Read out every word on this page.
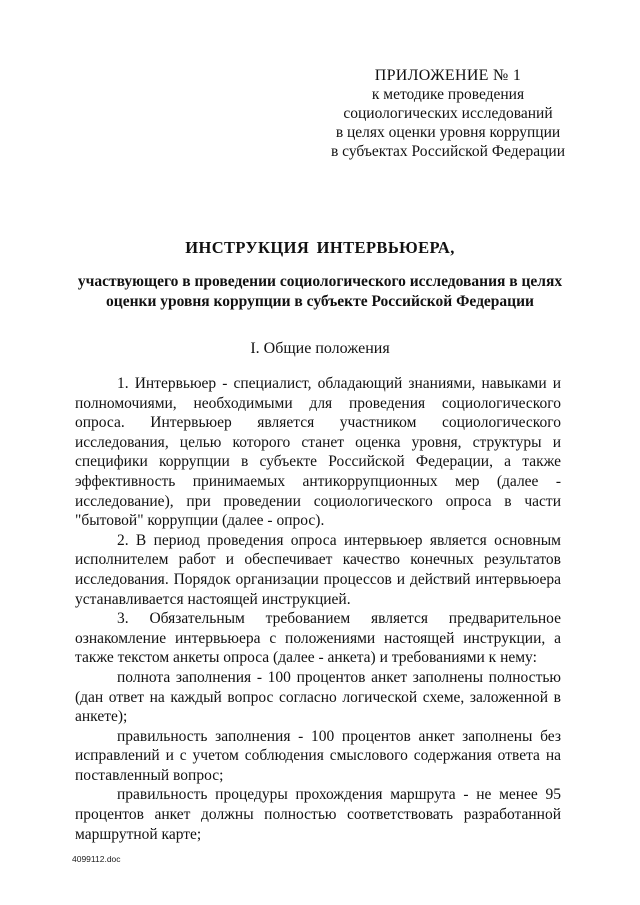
ПРИЛОЖЕНИЕ № 1
к методике проведения
социологических исследований
в целях оценки уровня коррупции
в субъектах Российской Федерации
ИНСТРУКЦИЯ ИНТЕРВЬЮЕРА,
участвующего в проведении социологического исследования в целях оценки уровня коррупции в субъекте Российской Федерации
I. Общие положения

1. Интервьюер - специалист, обладающий знаниями, навыками и полномочиями, необходимыми для проведения социологического опроса. Интервьюер является участником социологического исследования, целью которого станет оценка уровня, структуры и специфики коррупции в субъекте Российской Федерации, а также эффективность принимаемых антикоррупционных мер (далее - исследование), при проведении социологического опроса в части "бытовой" коррупции (далее - опрос).

2. В период проведения опроса интервьюер является основным исполнителем работ и обеспечивает качество конечных результатов исследования. Порядок организации процессов и действий интервьюера устанавливается настоящей инструкцией.

3. Обязательным требованием является предварительное ознакомление интервьюера с положениями настоящей инструкции, а также текстом анкеты опроса (далее - анкета) и требованиями к нему:

полнота заполнения - 100 процентов анкет заполнены полностью (дан ответ на каждый вопрос согласно логической схеме, заложенной в анкете);

правильность заполнения - 100 процентов анкет заполнены без исправлений и с учетом соблюдения смыслового содержания ответа на поставленный вопрос;

правильность процедуры прохождения маршрута - не менее 95 процентов анкет должны полностью соответствовать разработанной маршрутной карте;

4099112.doc
